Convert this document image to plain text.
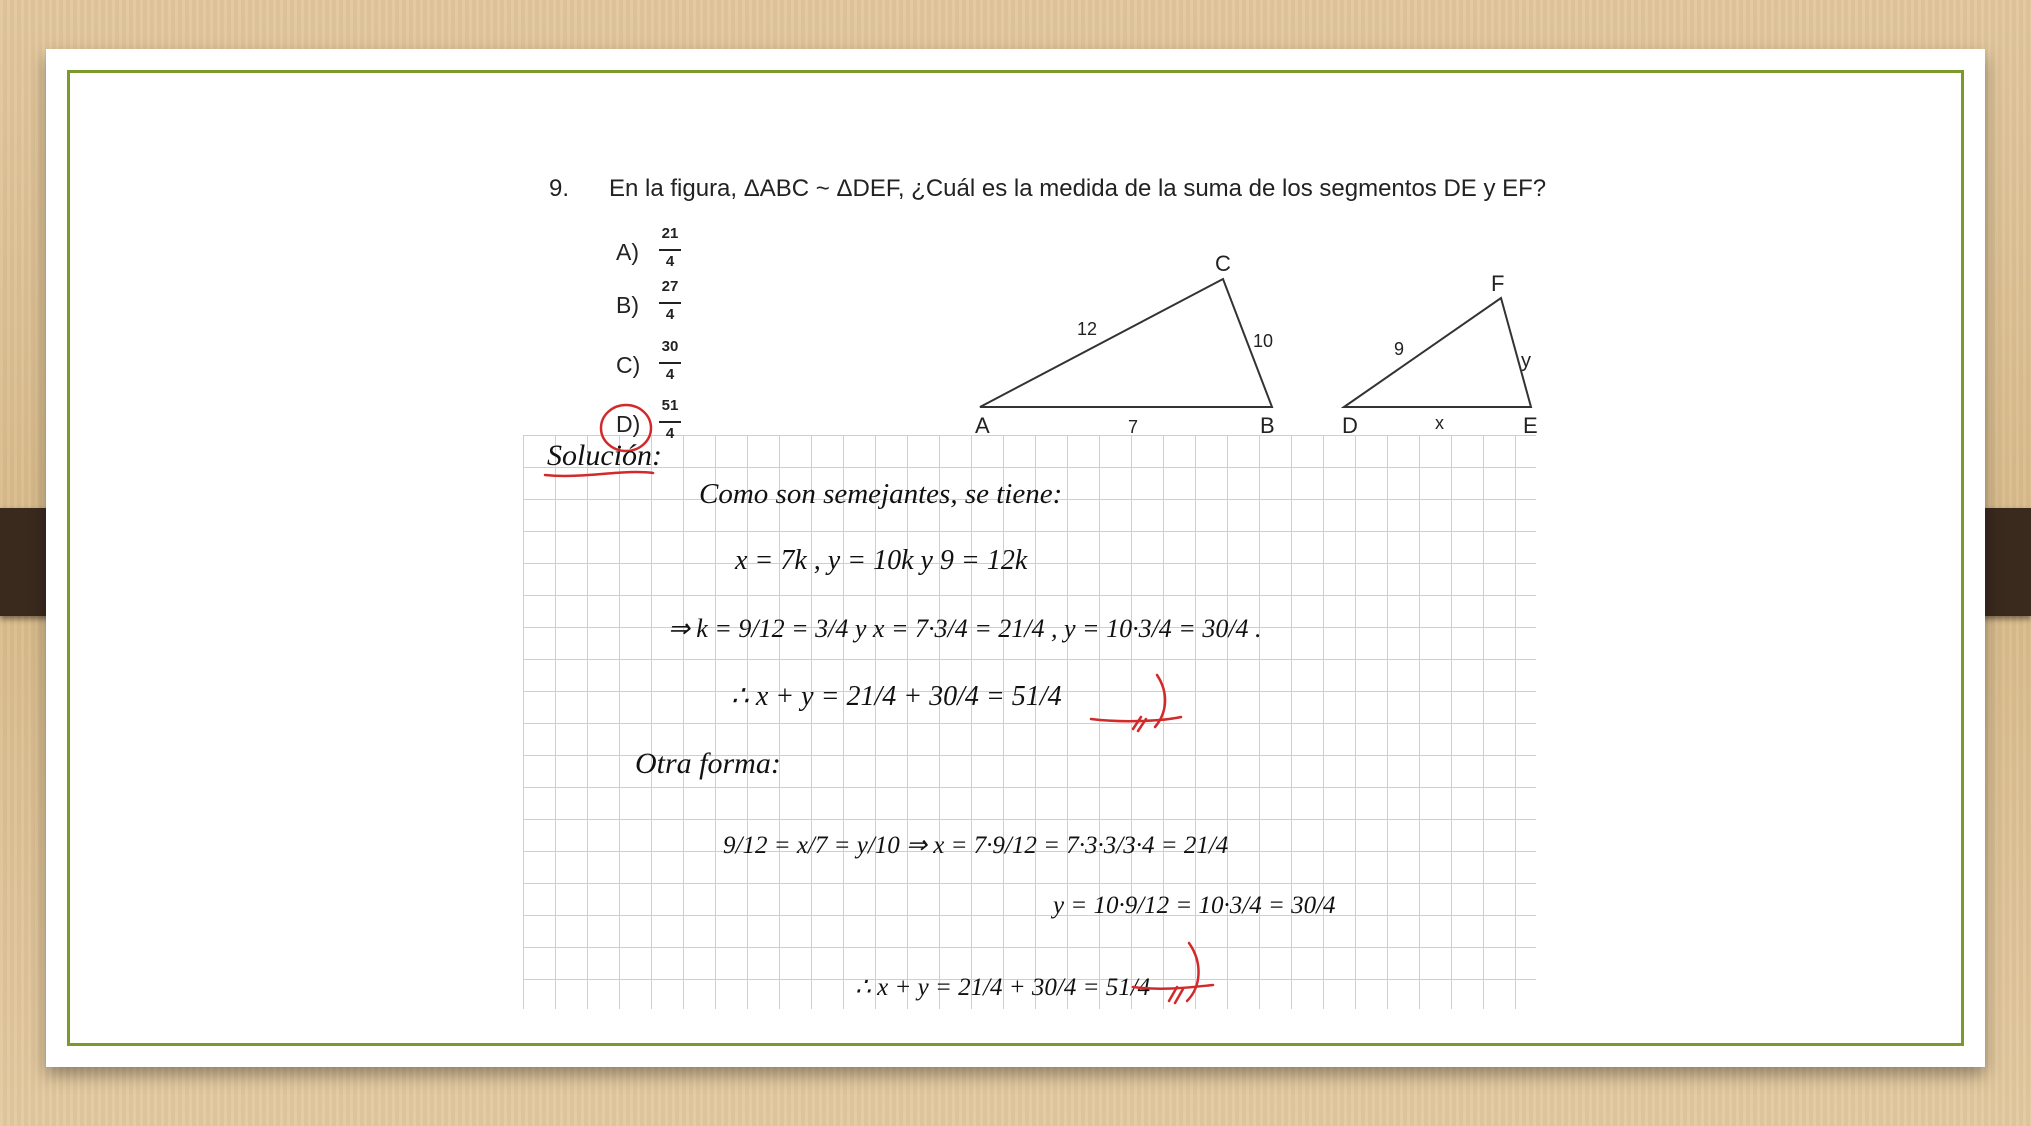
9. En la figura, ΔABC ~ ΔDEF, ¿Cuál es la medida de la suma de los segmentos DE y EF?
A)
21
4
B)
27
4
C)
30
4
D)
51
4	A	B
C
12
10
7	D	E
F
9
y
x
Solución:
Como son semejantes, se tiene:
x = 7k , y = 10k y 9 = 12k
⇒ k = 9/12 = 3/4 y x = 7·3/4 = 21/4 , y = 10·3/4 = 30/4 .
∴ x + y = 21/4 + 30/4 = 51/4
Otra forma:
9/12 = x/7 = y/10 ⇒ x = 7·9/12 = 7·3·3/3·4 = 21/4
y = 10·9/12 = 10·3/4 = 30/4
∴ x + y = 21/4 + 30/4 = 51/4
